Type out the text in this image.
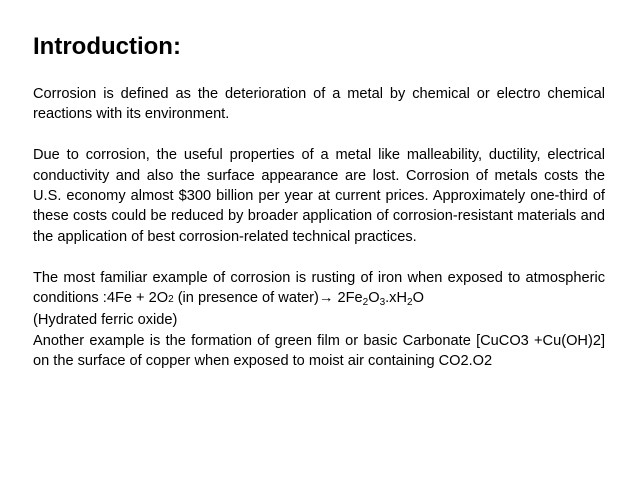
Introduction:

Corrosion is defined as the deterioration of a metal by chemical or electro chemical reactions with its environment.

Due to corrosion, the useful properties of a metal like malleability, ductility, electrical conductivity and also the surface appearance are lost. Corrosion of metals costs the U.S. economy almost $300 billion per year at current prices. Approximately one-third of these costs could be reduced by broader application of corrosion-resistant materials and the application of best corrosion-related technical practices.

The most familiar example of corrosion is rusting of iron when exposed to atmospheric conditions :4Fe + 2O2 (in presence of water)→ $2Fe_2O_3.xH_2O$

(Hydrated ferric oxide)

Another example is the formation of green film or basic Carbonate [CuCO3 +Cu(OH)2] on the surface of copper when exposed to moist air containing CO2.O2
